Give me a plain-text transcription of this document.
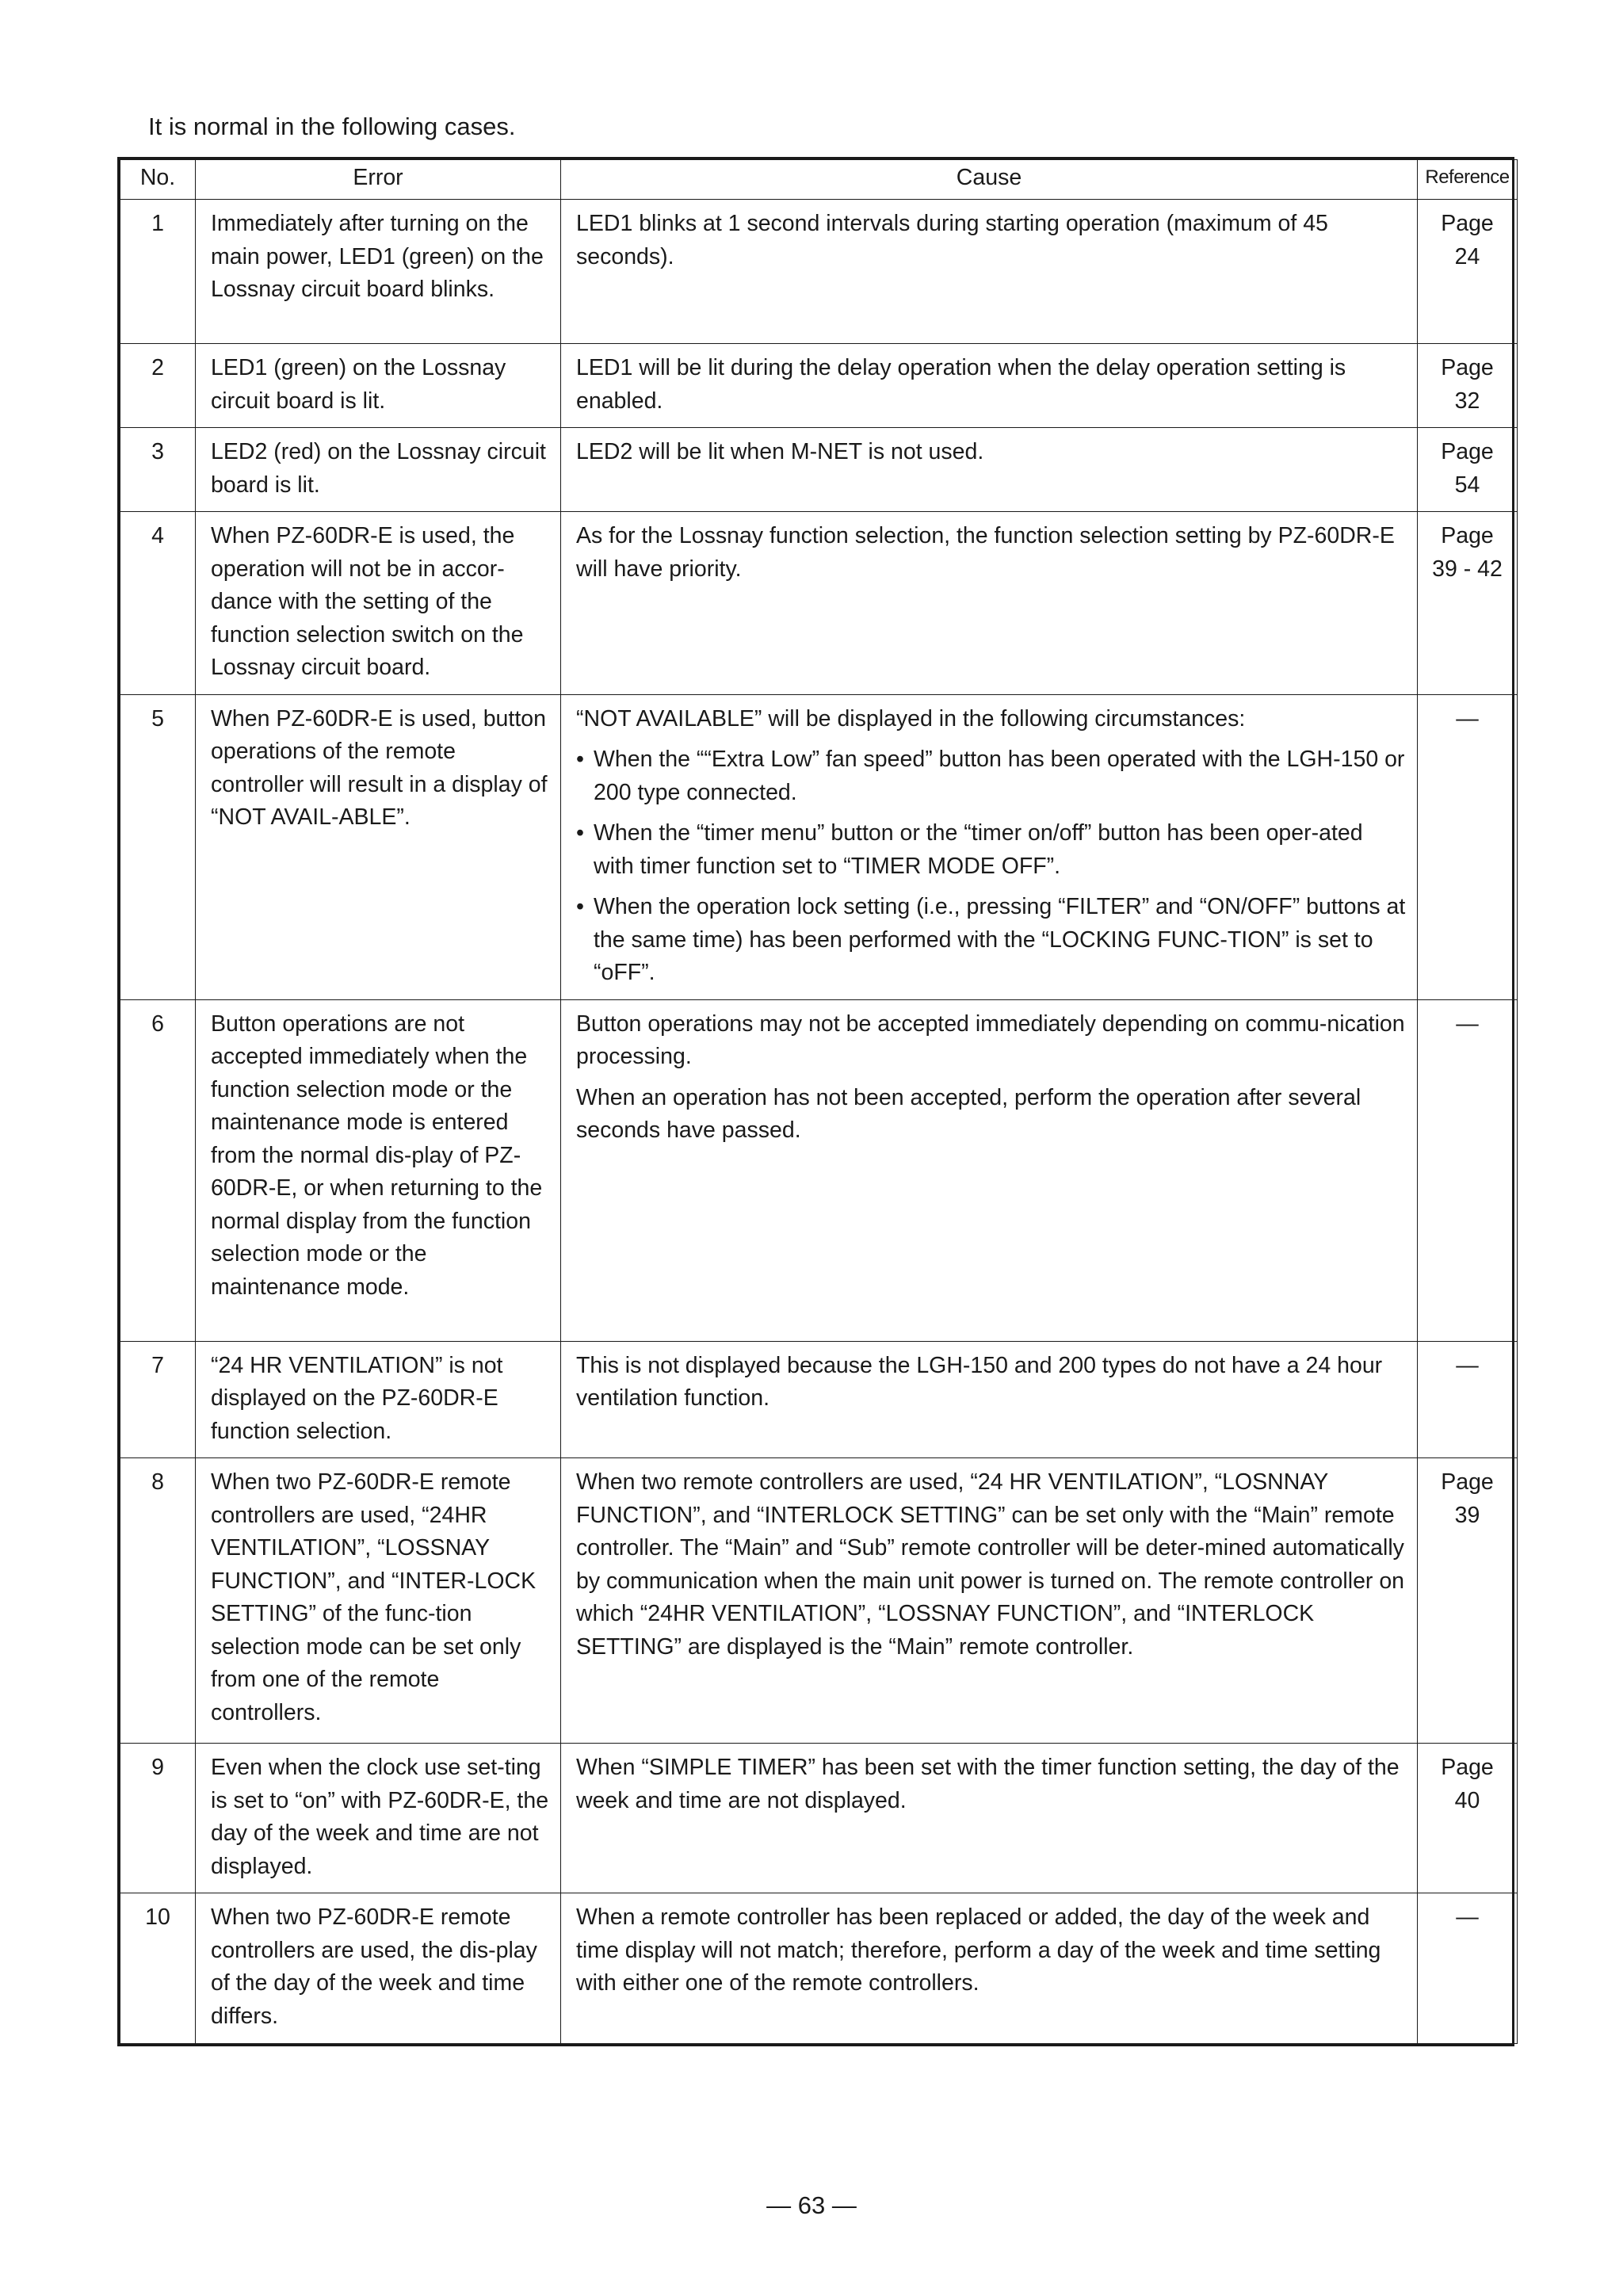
It is normal in the following cases.
No.	Error	Cause	Reference
1	Immediately after turning on the main power, LED1 (green) on the Lossnay circuit board blinks.	LED1 blinks at 1 second intervals during starting operation (maximum of 45 seconds).	Page
24
2	LED1 (green) on the Lossnay circuit board is lit.	LED1 will be lit during the delay operation when the delay operation setting is enabled.	Page
32
3	LED2 (red) on the Lossnay circuit board is lit.	LED2 will be lit when M-NET is not used.	Page
54
4	When PZ-60DR-E is used, the operation will not be in accor-dance with the setting of the function selection switch on the Lossnay circuit board.	As for the Lossnay function selection, the function selection setting by PZ-60DR-E will have priority.	Page
39 - 42
5	When PZ-60DR-E is used, button operations of the remote controller will result in a display of “NOT AVAIL-ABLE”.	“NOT AVAILABLE” will be displayed in the following circumstances:
• When the ““Extra Low” fan speed” button has been operated with the LGH-150 or 200 type connected.
• When the “timer menu” button or the “timer on/off” button has been oper-ated with timer function set to “TIMER MODE OFF”.
• When the operation lock setting (i.e., pressing “FILTER” and “ON/OFF” buttons at the same time) has been performed with the “LOCKING FUNC-TION” is set to “oFF”.	—
6	Button operations are not accepted immediately when the function selection mode or the maintenance mode is entered from the normal dis-play of PZ-60DR-E, or when returning to the normal display from the function selection mode or the maintenance mode.	Button operations may not be accepted immediately depending on commu-nication processing.
When an operation has not been accepted, perform the operation after several seconds have passed.	—
7	“24 HR VENTILATION” is not displayed on the PZ-60DR-E function selection.	This is not displayed because the LGH-150 and 200 types do not have a 24 hour ventilation function.	—
8	When two PZ-60DR-E remote controllers are used, “24HR VENTILATION”, “LOSSNAY FUNCTION”, and “INTER-LOCK SETTING” of the func-tion selection mode can be set only from one of the remote controllers.	When two remote controllers are used, “24 HR VENTILATION”, “LOSNNAY FUNCTION”, and “INTERLOCK SETTING” can be set only with the “Main” remote controller. The “Main” and “Sub” remote controller will be deter-mined automatically by communication when the main unit power is turned on. The remote controller on which “24HR VENTILATION”, “LOSSNAY FUNCTION”, and “INTERLOCK SETTING” are displayed is the “Main” remote controller.	Page
39
9	Even when the clock use set-ting is set to “on” with PZ-60DR-E, the day of the week and time are not displayed.	When “SIMPLE TIMER” has been set with the timer function setting, the day of the week and time are not displayed.	Page
40
10	When two PZ-60DR-E remote controllers are used, the dis-play of the day of the week and time differs.	When a remote controller has been replaced or added, the day of the week and time display will not match; therefore, perform a day of the week and time setting with either one of the remote controllers.	—
— 63 —
